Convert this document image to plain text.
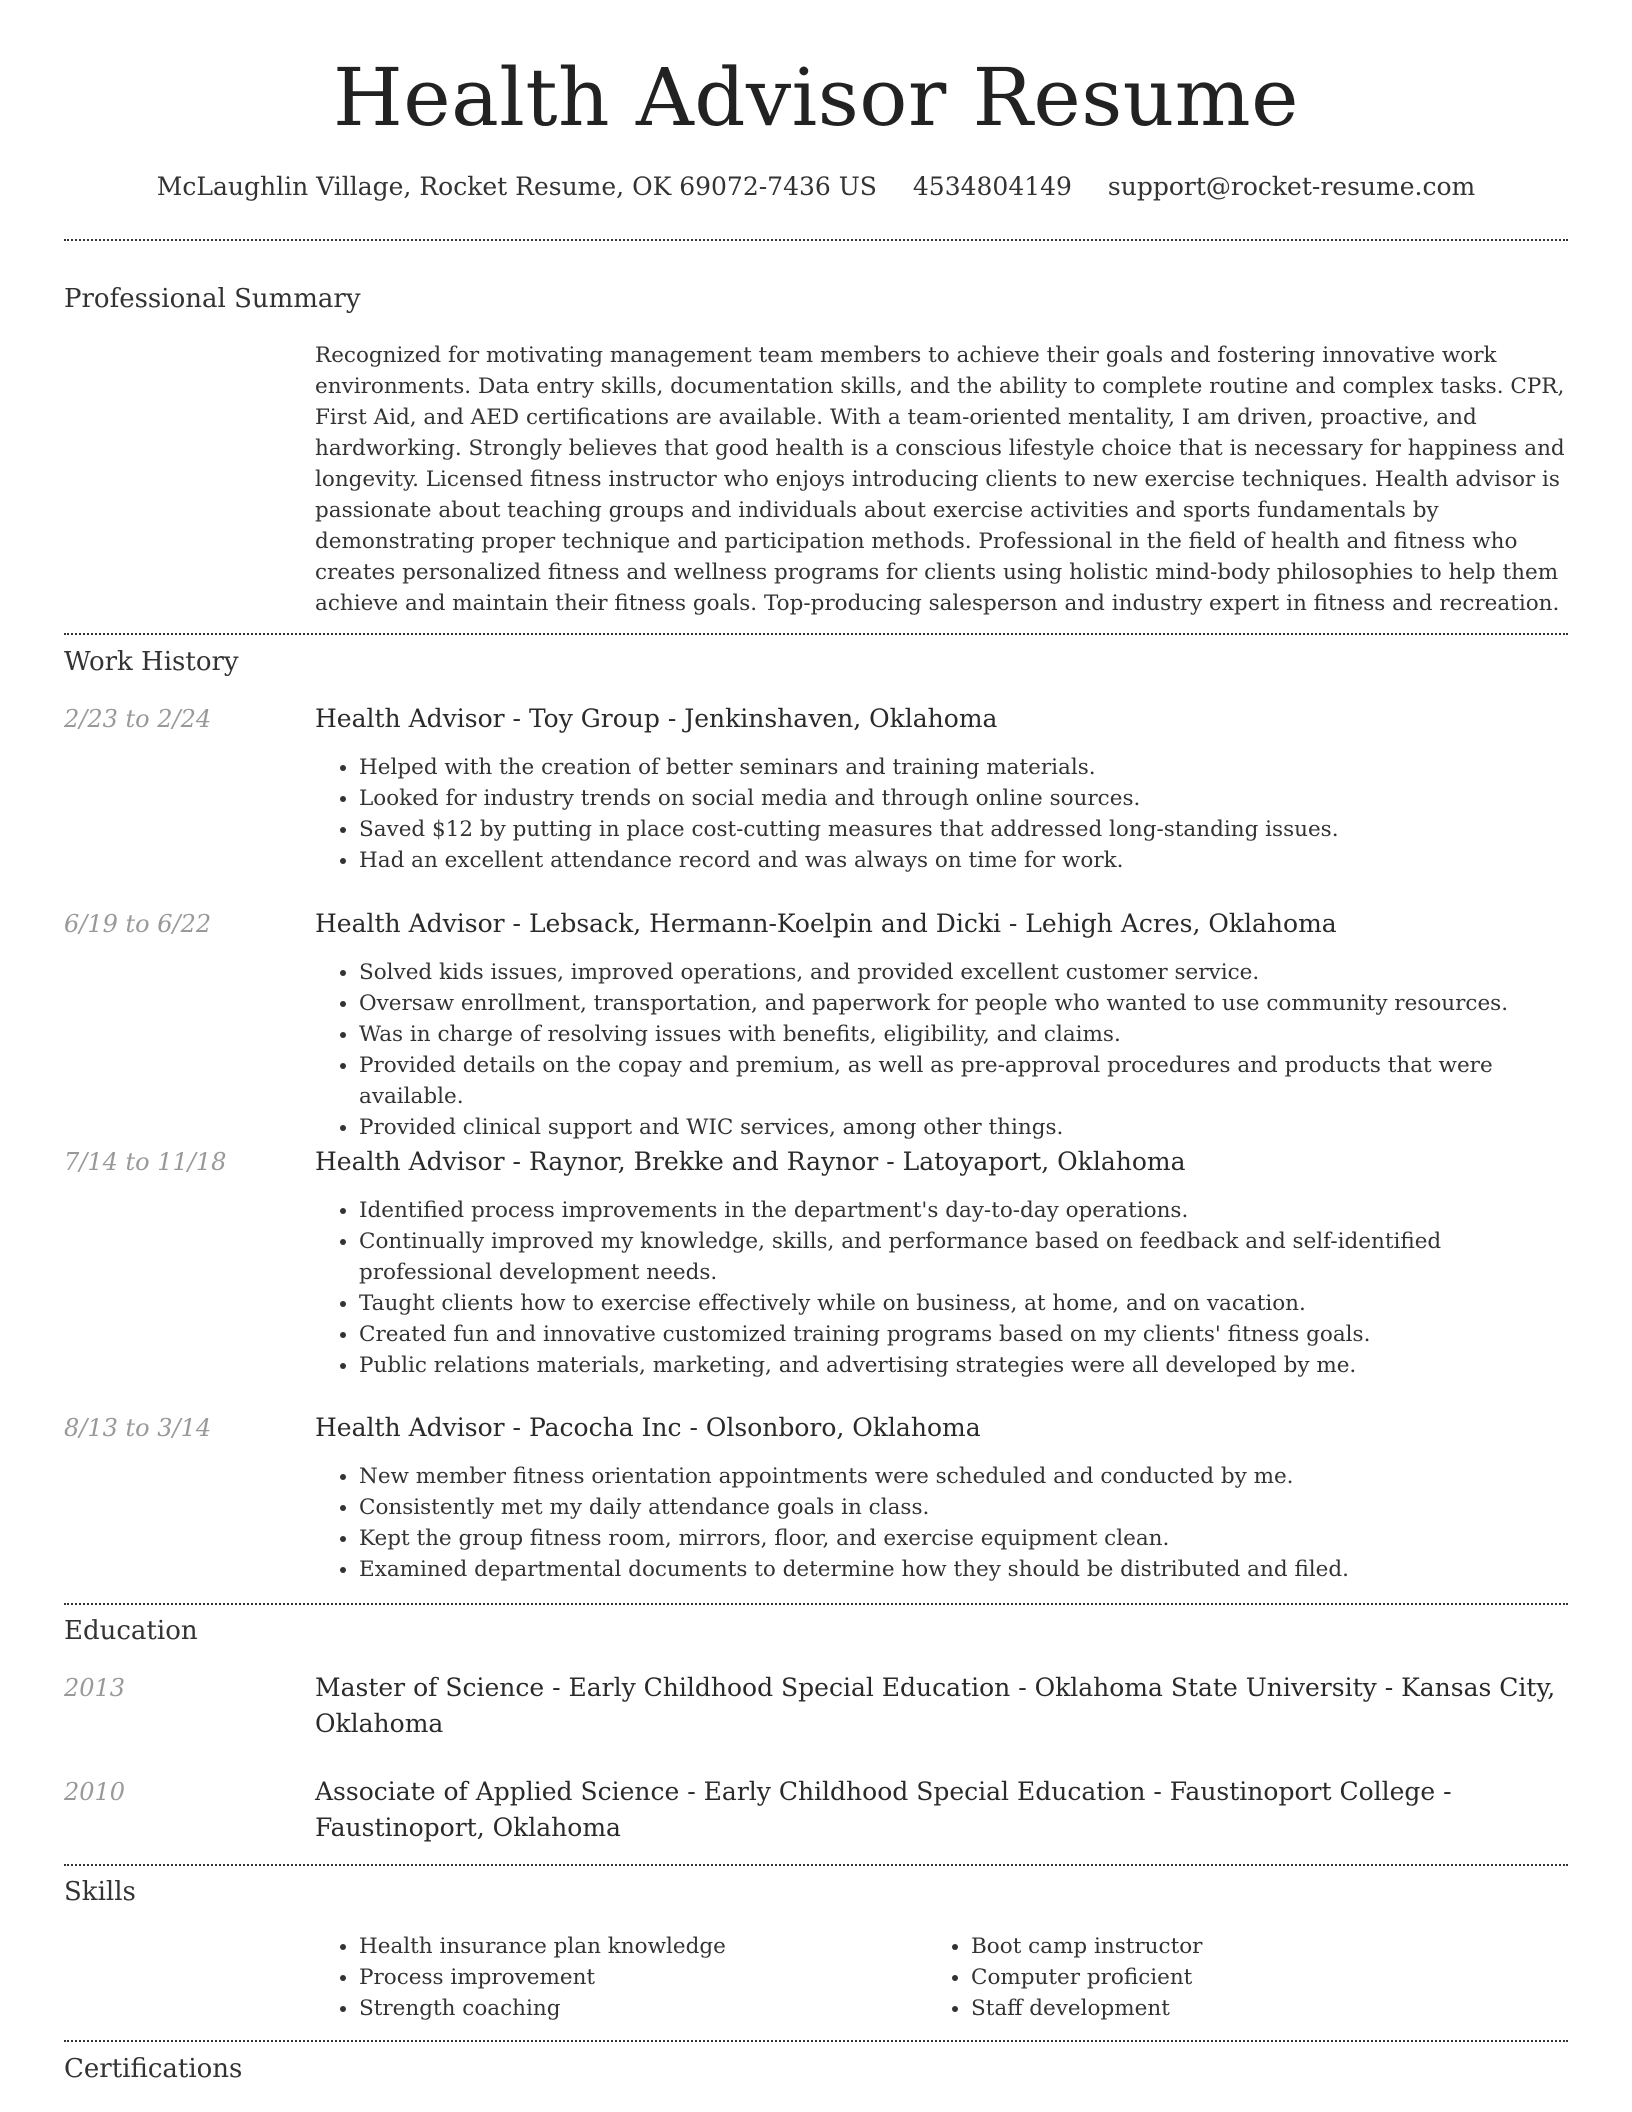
Health Advisor Resume
McLaughlin Village, Rocket Resume, OK 69072-7436 US 4534804149 support@rocket-resume.com
Professional Summary
Recognized for motivating management team members to achieve their goals and fostering innovative work environments. Data entry skills, documentation skills, and the ability to complete routine and complex tasks. CPR, First Aid, and AED certifications are available. With a team-oriented mentality, I am driven, proactive, and hardworking. Strongly believes that good health is a conscious lifestyle choice that is necessary for happiness and longevity. Licensed fitness instructor who enjoys introducing clients to new exercise techniques. Health advisor is passionate about teaching groups and individuals about exercise activities and sports fundamentals by demonstrating proper technique and participation methods. Professional in the field of health and fitness who creates personalized fitness and wellness programs for clients using holistic mind-body philosophies to help them achieve and maintain their fitness goals. Top-producing salesperson and industry expert in fitness and recreation.
Work History
2/23 to 2/24	Health Advisor - Toy Group - Jenkinshaven, Oklahoma
• Helped with the creation of better seminars and training materials.
• Looked for industry trends on social media and through online sources.
• Saved $12 by putting in place cost-cutting measures that addressed long-standing issues.
• Had an excellent attendance record and was always on time for work.
6/19 to 6/22	Health Advisor - Lebsack, Hermann-Koelpin and Dicki - Lehigh Acres, Oklahoma
• Solved kids issues, improved operations, and provided excellent customer service.
• Oversaw enrollment, transportation, and paperwork for people who wanted to use community resources.
• Was in charge of resolving issues with benefits, eligibility, and claims.
• Provided details on the copay and premium, as well as pre-approval procedures and products that were available.
• Provided clinical support and WIC services, among other things.
7/14 to 11/18	Health Advisor - Raynor, Brekke and Raynor - Latoyaport, Oklahoma
• Identified process improvements in the department's day-to-day operations.
• Continually improved my knowledge, skills, and performance based on feedback and self-identified professional development needs.
• Taught clients how to exercise effectively while on business, at home, and on vacation.
• Created fun and innovative customized training programs based on my clients' fitness goals.
• Public relations materials, marketing, and advertising strategies were all developed by me.
8/13 to 3/14	Health Advisor - Pacocha Inc - Olsonboro, Oklahoma
• New member fitness orientation appointments were scheduled and conducted by me.
• Consistently met my daily attendance goals in class.
• Kept the group fitness room, mirrors, floor, and exercise equipment clean.
• Examined departmental documents to determine how they should be distributed and filed.
Education
2013	Master of Science - Early Childhood Special Education - Oklahoma State University - Kansas City, Oklahoma
2010	Associate of Applied Science - Early Childhood Special Education - Faustinoport College - Faustinoport, Oklahoma
Skills
• Health insurance plan knowledge
• Process improvement
• Strength coaching
• Boot camp instructor
• Computer proficient
• Staff development
Certifications
